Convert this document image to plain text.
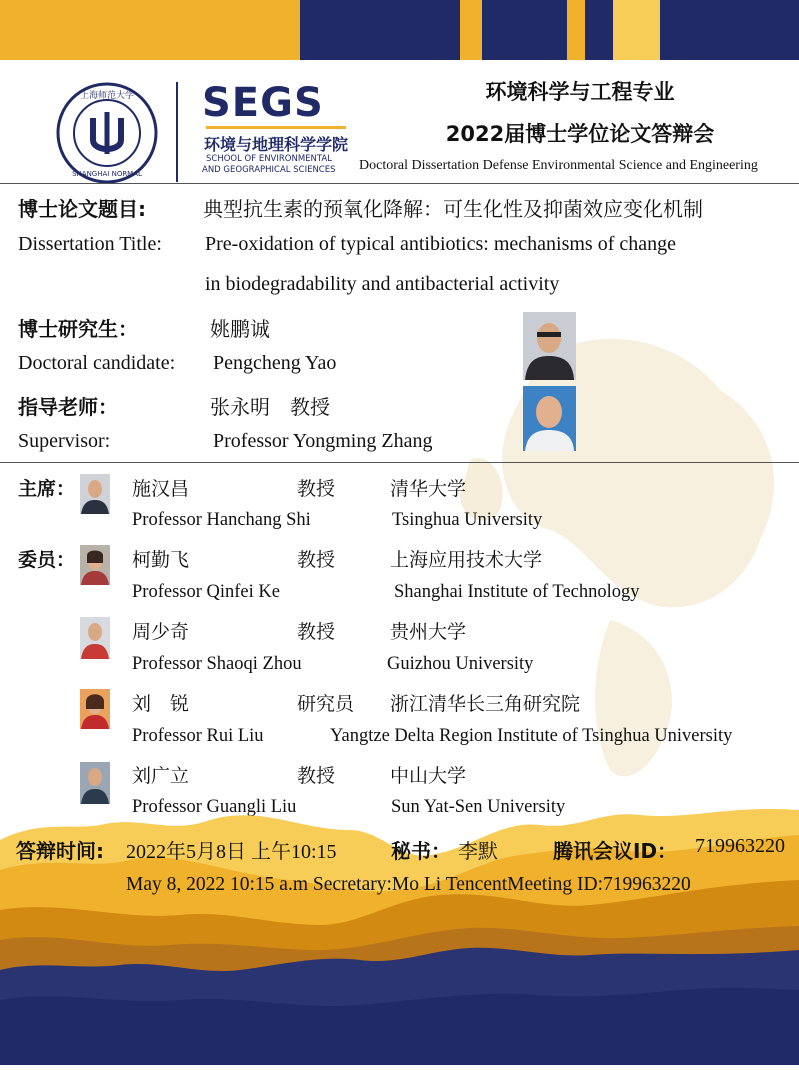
上海师范大学
SHANGHAI NORMAL
SEGS
环境与地理科学学院
SCHOOL OF ENVIRONMENTAL
AND GEOGRAPHICAL SCIENCES
环境科学与工程专业
2022届博士学位论文答辩会
Doctoral Dissertation Defense Environmental Science and Engineering
博士论文题目:	典型抗生素的预氧化降解：可生化性及抑菌效应变化机制
Dissertation Title: Pre-oxidation of typical antibiotics: mechanisms of change
in biodegradability and antibacterial activity
博士研究生：	姚鹏诚
Doctoral candidate: Pengcheng Yao
指导老师：	张永明　教授
Supervisor:	Professor Yongming Zhang
主席：
委员：
施汉昌	教授	清华大学
Professor Hanchang Shi	Tsinghua University
柯勤飞	教授	上海应用技术大学
Professor Qinfei Ke	Shanghai Institute of Technology
周少奇	教授	贵州大学
Professor Shaoqi Zhou	Guizhou University
刘　锐	研究员 浙江清华长三角研究院
Professor Rui Liu	Yangtze Delta Region Institute of Tsinghua University
刘广立	教授	中山大学
Professor Guangli Liu	Sun Yat-Sen University
答辩时间: 2022年5月8日 上午10:15	秘书： 李默	腾讯会议ID： 719963220
May 8, 2022 10:15 a.m Secretary:Mo Li TencentMeeting ID:719963220
